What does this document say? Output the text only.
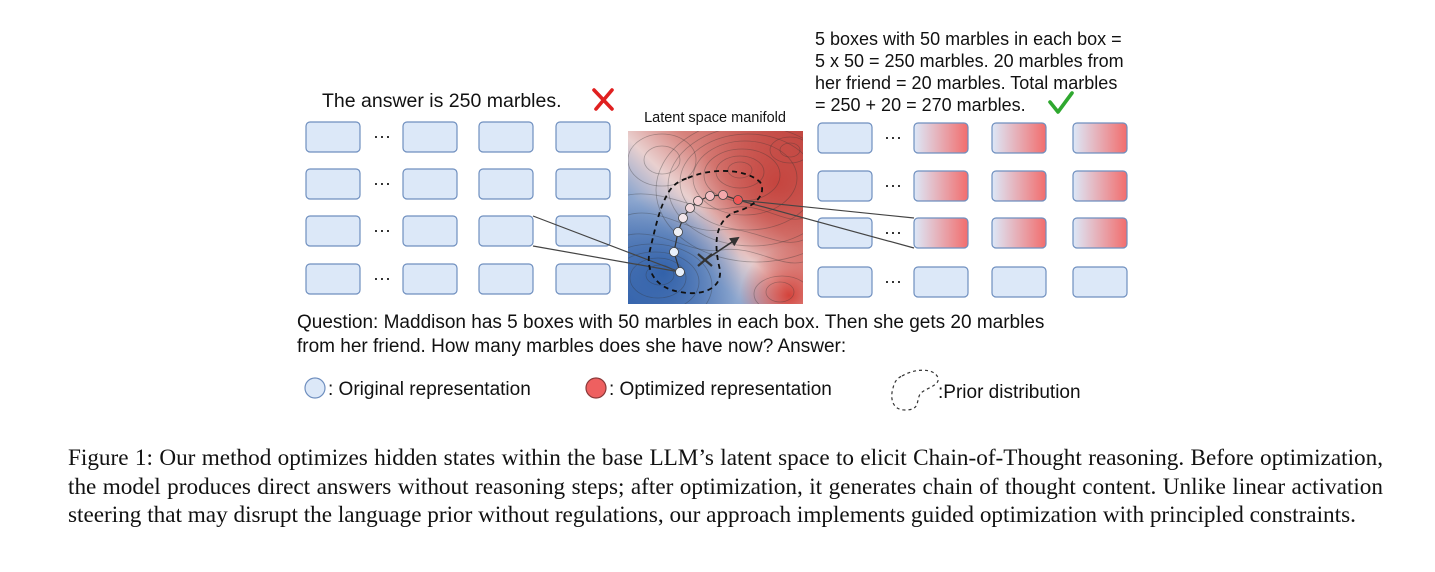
The answer is 250 marbles.
5 boxes with 50 marbles in each box =
5 x 50 = 250 marbles. 20 marbles from
her friend = 20 marbles. Total marbles
= 250 + 20 = 270 marbles.
Latent space manifold
···
···
···
···
···
···
···
···
Question: Maddison has 5 boxes with 50 marbles in each box. Then she gets 20 marbles
from her friend. How many marbles does she have now? Answer:
: Original representation	: Optimized representation	:Prior distribution

Figure 1: Our method optimizes hidden states within the base LLM’s latent space to elicit Chain-of-Thought reasoning. Before optimization, the model produces direct answers without reasoning steps; after optimization, it generates chain of thought content. Unlike linear activation steering that may disrupt the language prior without regulations, our approach implements guided optimization with principled constraints.
